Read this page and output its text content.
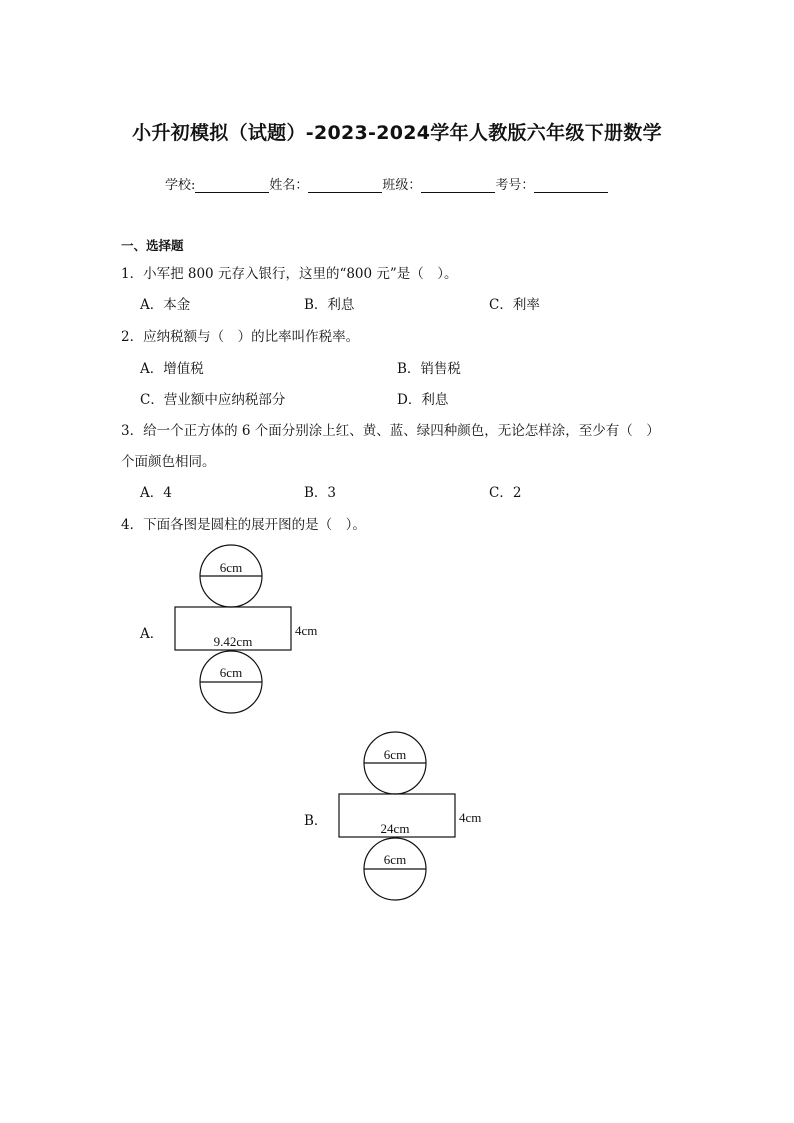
小升初模拟（试题）-2023-2024学年人教版六年级下册数学
学校:	姓名：	班级：	考号：
一、选择题
1．小军把 800 元存入银行，这里的“800 元”是（　）。
A．本金	B．利息	C．利率
2．应纳税额与（　）的比率叫作税率。
A．增值税	B．销售税
C．营业额中应纳税部分	D．利息
3．给一个正方体的 6 个面分别涂上红、黄、蓝、绿四种颜色，无论怎样涂，至少有（　）
个面颜色相同。
A．4	B．3	C．2
4．下面各图是圆柱的展开图的是（　）。
A．
6cm
9.42cm
4cm
6cm
B．
6cm
24cm
4cm
6cm
